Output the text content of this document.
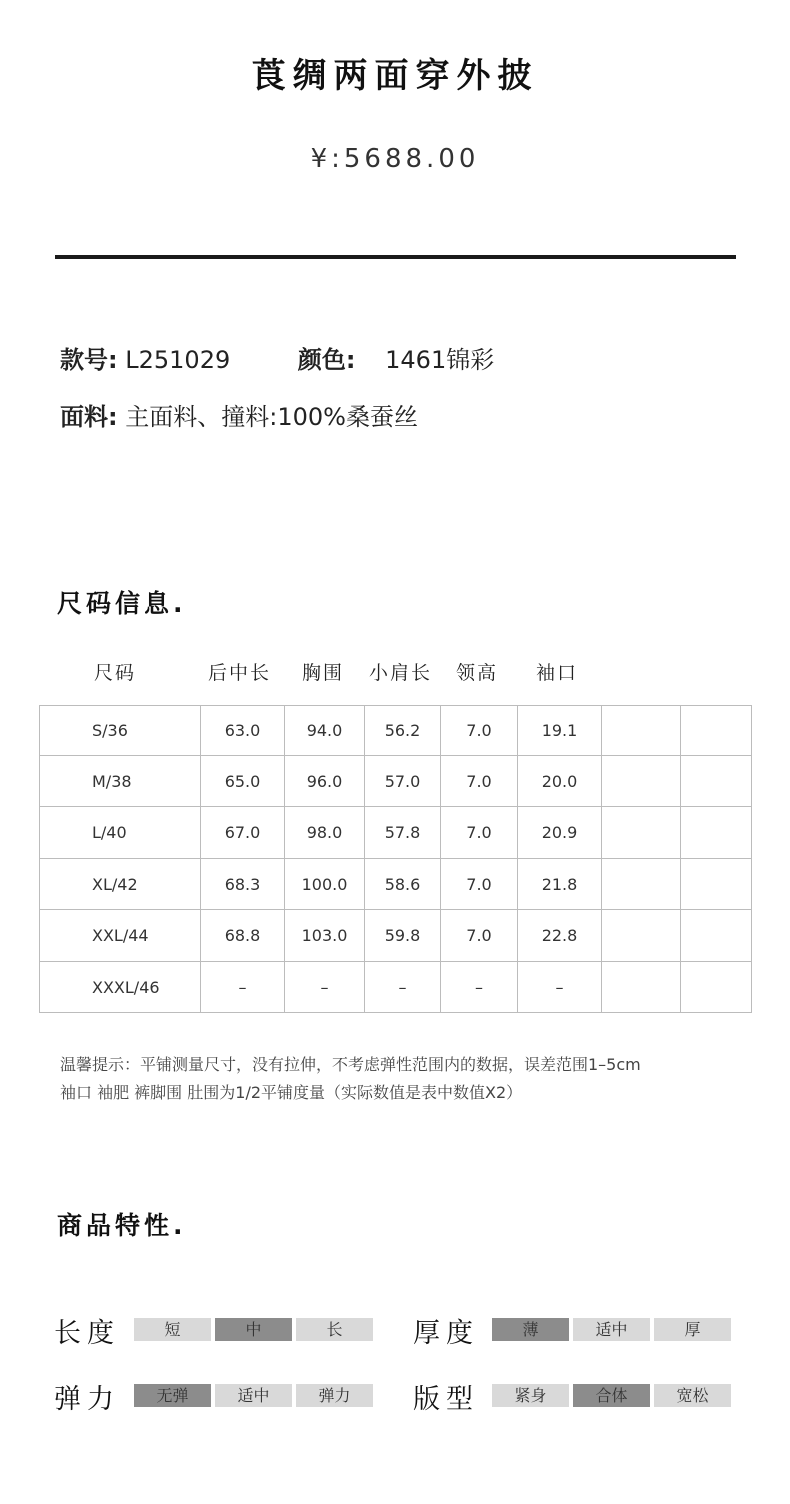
莨绸两面穿外披
¥:5688.00
款号: L251029	颜色: 1461锦彩
面料: 主面料、撞料:100%桑蚕丝
尺码信息.
尺码	后中长 胸围 小肩长 领高 袖口
S/36	63.0	94.0	56.2	7.0	19.1		
M/38	65.0	96.0	57.0	7.0	20.0		
L/40	67.0	98.0	57.8	7.0	20.9		
XL/42	68.3	100.0	58.6	7.0	21.8		
XXL/44	68.8	103.0	59.8	7.0	22.8		
XXXL/46	–	–	–	–	–		
温馨提示：平铺测量尺寸，没有拉伸，不考虑弹性范围内的数据，误差范围1–5cm
袖口 袖肥 裤脚围 肚围为1/2平铺度量（实际数值是表中数值X2）
商品特性.
长度	短	中	长	厚度	薄	适中	厚
弹力	无弹	适中	弹力	版型	紧身	合体	宽松
